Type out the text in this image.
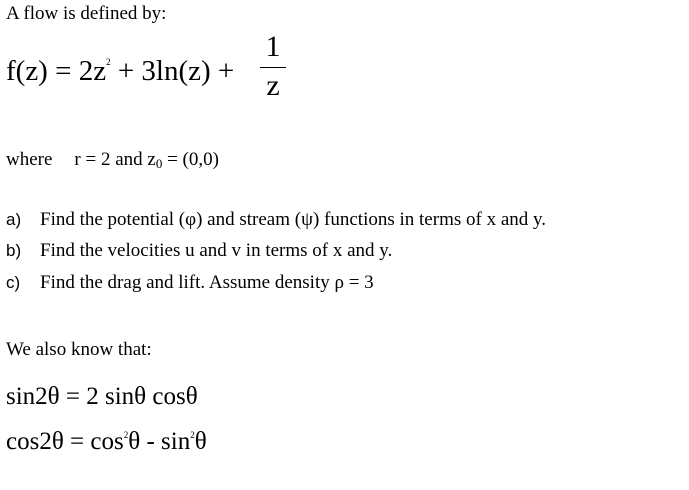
A flow is defined by:
$f(z) = 2z^2 + 3\ln(z)$ +
1
z
where r = 2 and z0 = (0,0)
a) Find the potential (φ) and stream (ψ) functions in terms of x and y.
b) Find the velocities u and v in terms of x and y.
c) Find the drag and lift. Assume density ρ = 3
We also know that:
sin2θ = 2 sinθ cosθ
$\cos 2\theta = \cos^2\theta - \sin^2\theta$
